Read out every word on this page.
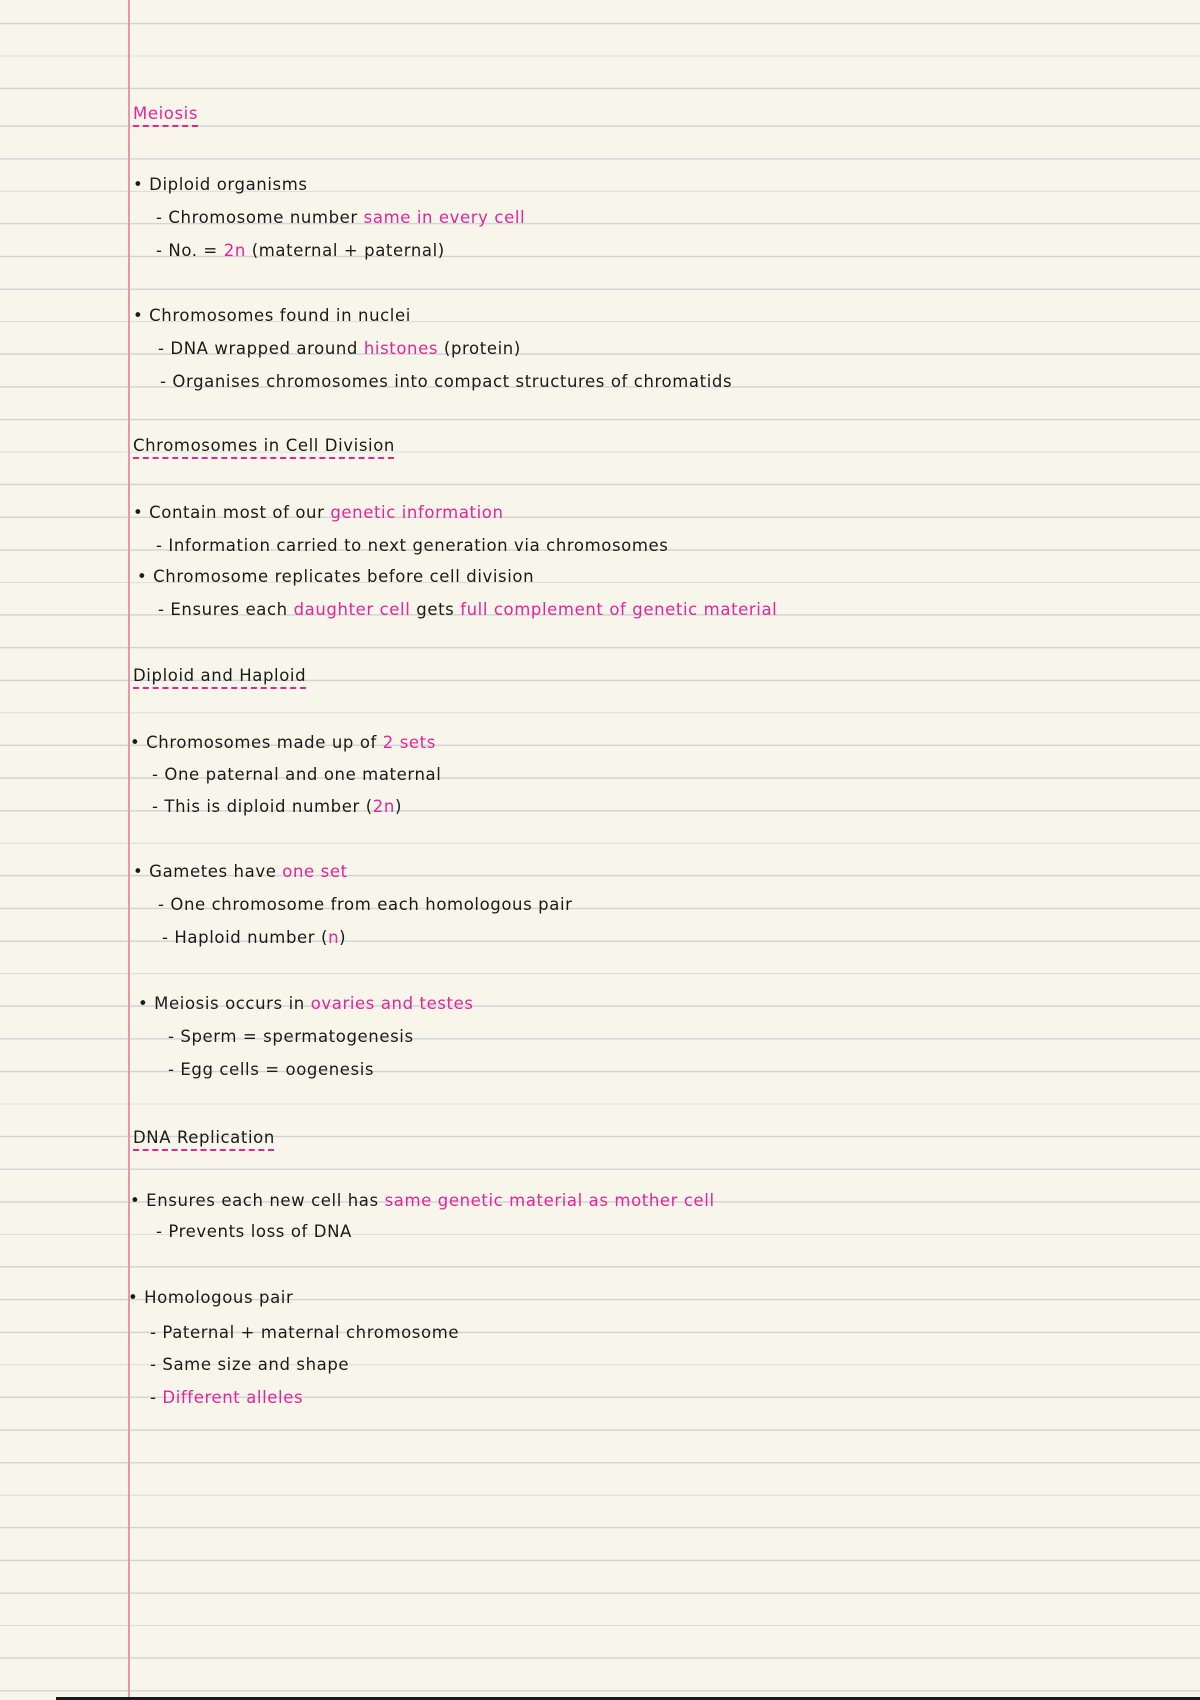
Meiosis
• Diploid organisms
- Chromosome number same in every cell
- No. = 2n (maternal + paternal)
• Chromosomes found in nuclei
- DNA wrapped around histones (protein)
- Organises chromosomes into compact structures of chromatids
Chromosomes in Cell Division
• Contain most of our genetic information
- Information carried to next generation via chromosomes
• Chromosome replicates before cell division
- Ensures each daughter cell gets full complement of genetic material
Diploid and Haploid
• Chromosomes made up of 2 sets
- One paternal and one maternal
- This is diploid number (2n)
• Gametes have one set
- One chromosome from each homologous pair
- Haploid number (n)
• Meiosis occurs in ovaries and testes
- Sperm = spermatogenesis
- Egg cells = oogenesis
DNA Replication
• Ensures each new cell has same genetic material as mother cell
- Prevents loss of DNA
• Homologous pair
- Paternal + maternal chromosome
- Same size and shape
- Different alleles
